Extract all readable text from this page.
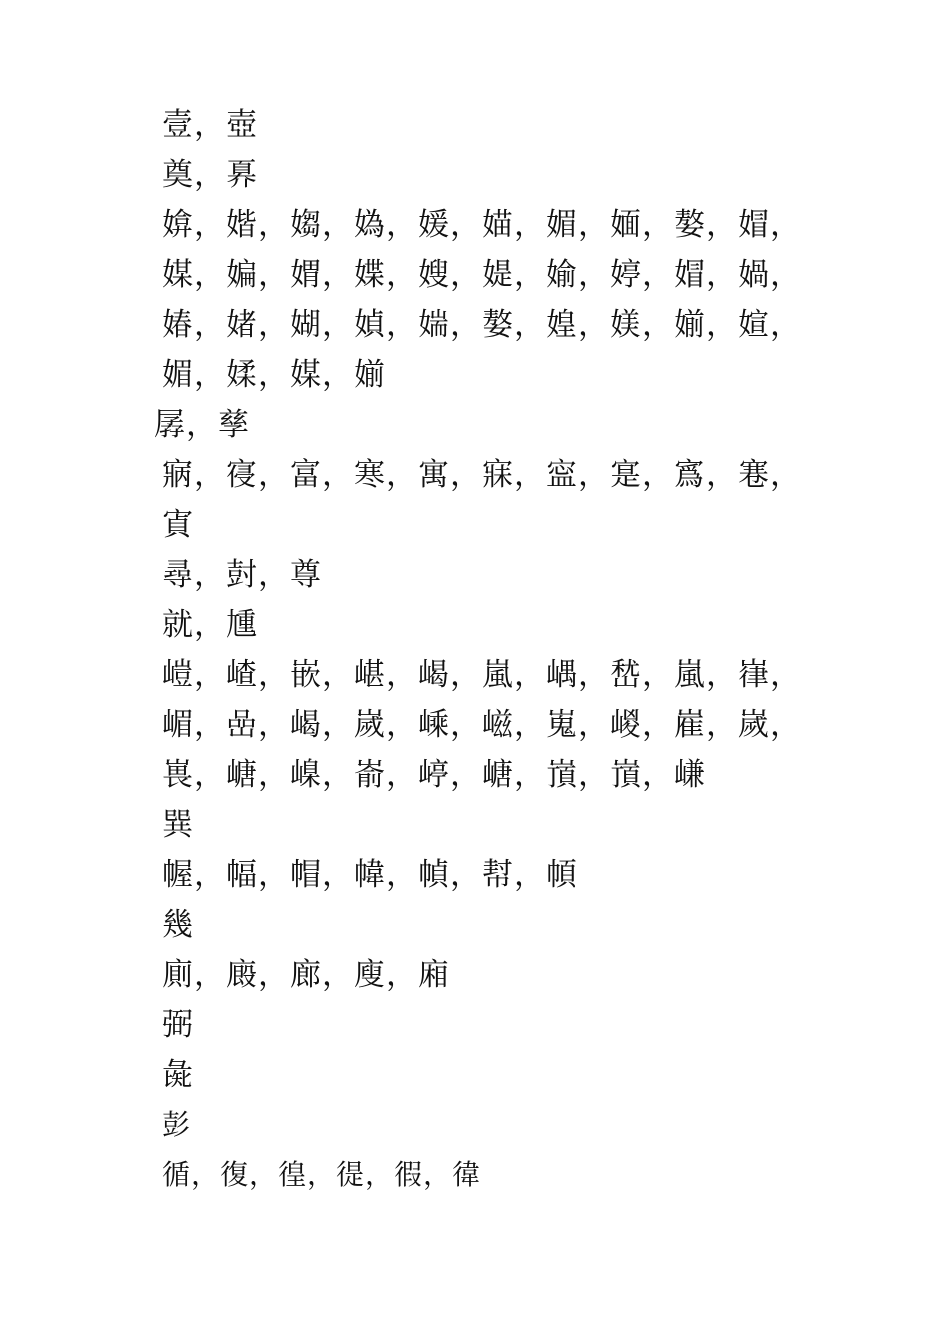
壹，壺

奠，奡

媕，媘，媰，媯，媛，媌，媚，媔，嫯，媢，媒，媥，媦，媟，嫂，媞，媮，婷，媢，媧，媋，媎，媩，媜，媏，嫯，媓，媄，媊，媗，媚，媃，媒，媊

孱，孳

寎，寑，富，寒，寓，寐，寍，寔，寪，寋，寊

尋，尌，尊

就，尰

嵦，嵖，嵌，嵁，嵑，嵐，嵎，嵆，嵐，嵂，嵋，嵒，嵑，嵗，嵊，嵫，嵬，嵕，嵟，嵗，嵔，嵣，嵲，嵛，嵉，嵣，嵿，嵿，嵰

巽

幄，幅，帽，幃，幀，幇，幁

幾

廁，廄，廊，廋，廂

弼

彘

彭

循，復，徨，徥，徦，徫
